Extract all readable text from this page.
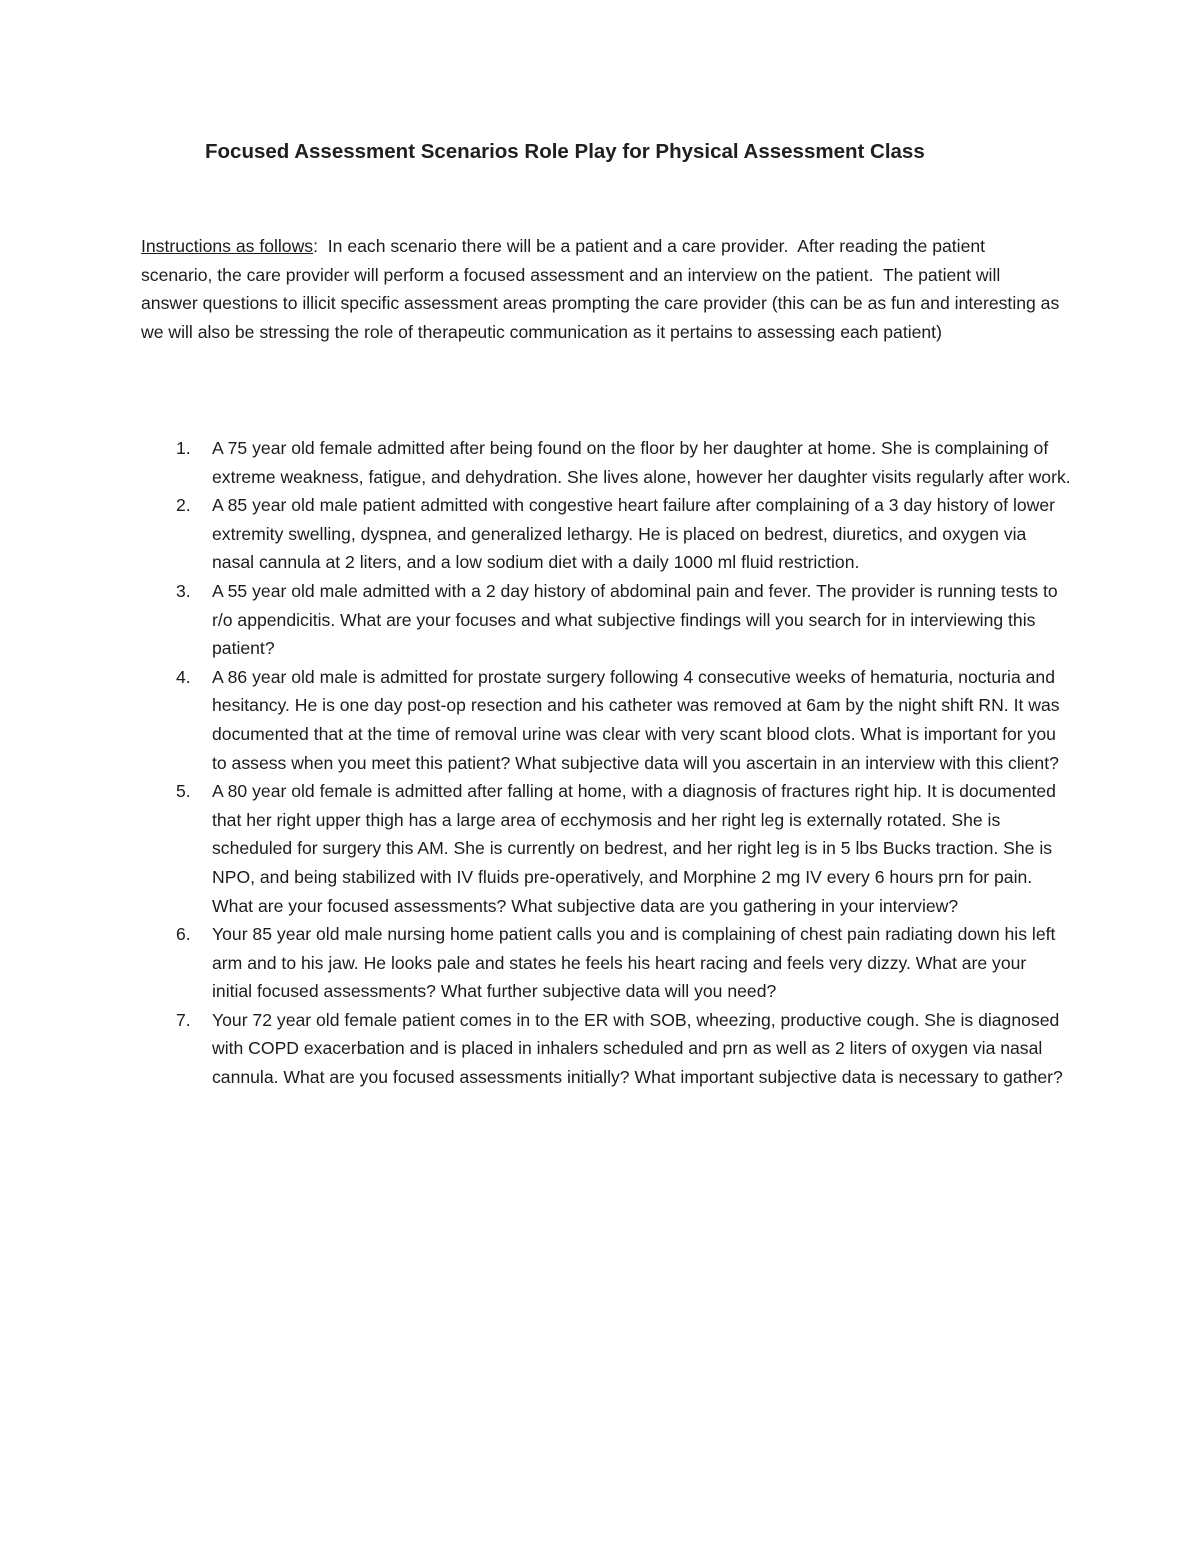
Focused Assessment Scenarios Role Play for Physical Assessment Class
Instructions as follows:  In each scenario there will be a patient and a care provider.  After reading the patient scenario, the care provider will perform a focused assessment and an interview on the patient.  The patient will answer questions to illicit specific assessment areas prompting the care provider (this can be as fun and interesting as we will also be stressing the role of therapeutic communication as it pertains to assessing each patient)
1. A 75 year old female admitted after being found on the floor by her daughter at home. She is complaining of extreme weakness, fatigue, and dehydration. She lives alone, however her daughter visits regularly after work.
2. A 85 year old male patient admitted with congestive heart failure after complaining of a 3 day history of lower extremity swelling, dyspnea, and generalized lethargy. He is placed on bedrest, diuretics, and oxygen via nasal cannula at 2 liters, and a low sodium diet with a daily 1000 ml fluid restriction.
3. A 55 year old male admitted with a 2 day history of abdominal pain and fever. The provider is running tests to r/o appendicitis. What are your focuses and what subjective findings will you search for in interviewing this patient?
4. A 86 year old male is admitted for prostate surgery following 4 consecutive weeks of hematuria, nocturia and hesitancy. He is one day post-op resection and his catheter was removed at 6am by the night shift RN. It was documented that at the time of removal urine was clear with very scant blood clots. What is important for you to assess when you meet this patient? What subjective data will you ascertain in an interview with this client?
5. A 80 year old female is admitted after falling at home, with a diagnosis of fractures right hip. It is documented that her right upper thigh has a large area of ecchymosis and her right leg is externally rotated. She is scheduled for surgery this AM. She is currently on bedrest, and her right leg is in 5 lbs Bucks traction. She is NPO, and being stabilized with IV fluids pre-operatively, and Morphine 2 mg IV every 6 hours prn for pain. What are your focused assessments? What subjective data are you gathering in your interview?
6. Your 85 year old male nursing home patient calls you and is complaining of chest pain radiating down his left arm and to his jaw. He looks pale and states he feels his heart racing and feels very dizzy. What are your initial focused assessments? What further subjective data will you need?
7. Your 72 year old female patient comes in to the ER with SOB, wheezing, productive cough. She is diagnosed with COPD exacerbation and is placed in inhalers scheduled and prn as well as 2 liters of oxygen via nasal cannula. What are you focused assessments initially? What important subjective data is necessary to gather?
